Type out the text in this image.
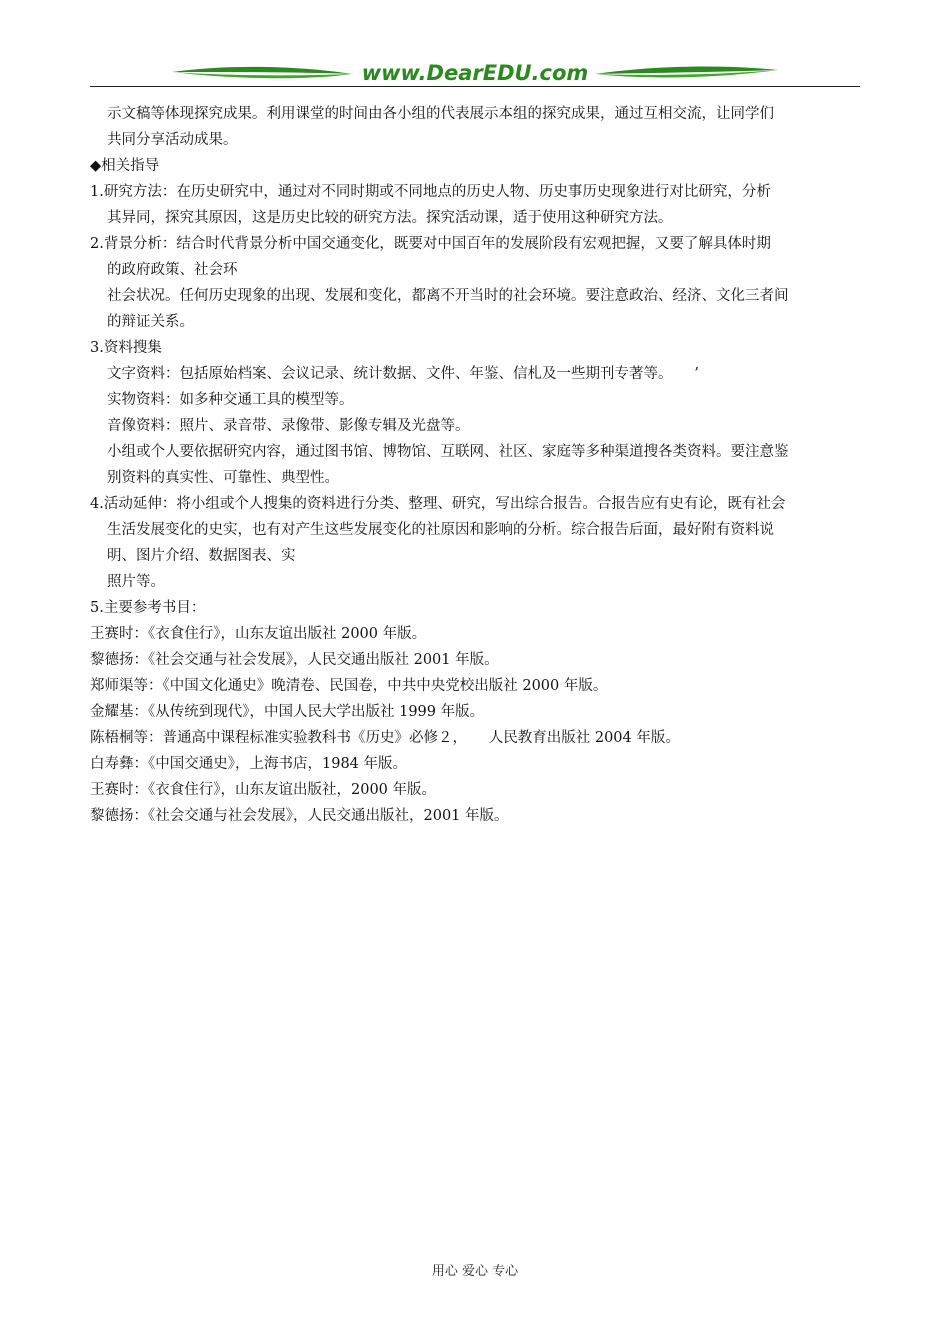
www.DearEDU.com

示文稿等体现探究成果。利用课堂的时间由各小组的代表展示本组的探究成果，通过互相交流，让同学们

共同分享活动成果。

◆相关指导

1.研究方法：在历史研究中，通过对不同时期或不同地点的历史人物、历史事历史现象进行对比研究，分析

其异同，探究其原因，这是历史比较的研究方法。探究活动课，适于使用这种研究方法。

2.背景分析：结合时代背景分析中国交通变化，既要对中国百年的发展阶段有宏观把握，又要了解具体时期

的政府政策、社会环

社会状况。任何历史现象的出现、发展和变化，都离不开当时的社会环境。要注意政治、经济、文化三者间

的辩证关系。

3.资料搜集

文字资料：包括原始档案、会议记录、统计数据、文件、年鉴、信札及一些期刊专著等。　　’

实物资料：如多种交通工具的模型等。

音像资料：照片、录音带、录像带、影像专辑及光盘等。

小组或个人要依据研究内容，通过图书馆、博物馆、互联网、社区、家庭等多种渠道搜各类资料。要注意鉴

别资料的真实性、可靠性、典型性。

4.活动延伸：将小组或个人搜集的资料进行分类、整理、研究，写出综合报告。合报告应有史有论，既有社会

生活发展变化的史实，也有对产生这些发展变化的社原因和影响的分析。综合报告后面，最好附有资料说

明、图片介绍、数据图表、实

照片等。

5.主要参考书目：

王赛时：《衣食住行》，山东友谊出版社 2000 年版。

黎德扬：《社会交通与社会发展》，人民交通出版社 2001 年版。

郑师渠等：《中国文化通史》晚清卷、民国卷，中共中央党校出版社 2000 年版。

金耀基：《从传统到现代》，中国人民大学出版社 1999 年版。

陈梧桐等：普通高中课程标准实验教科书《历史》必修２，　　人民教育出版社 2004 年版。

白寿彝：《中国交通史》，上海书店，1984 年版。

王赛时：《衣食住行》，山东友谊出版社，2000 年版。

黎德扬：《社会交通与社会发展》，人民交通出版社，2001 年版。

用心 爱心 专心
